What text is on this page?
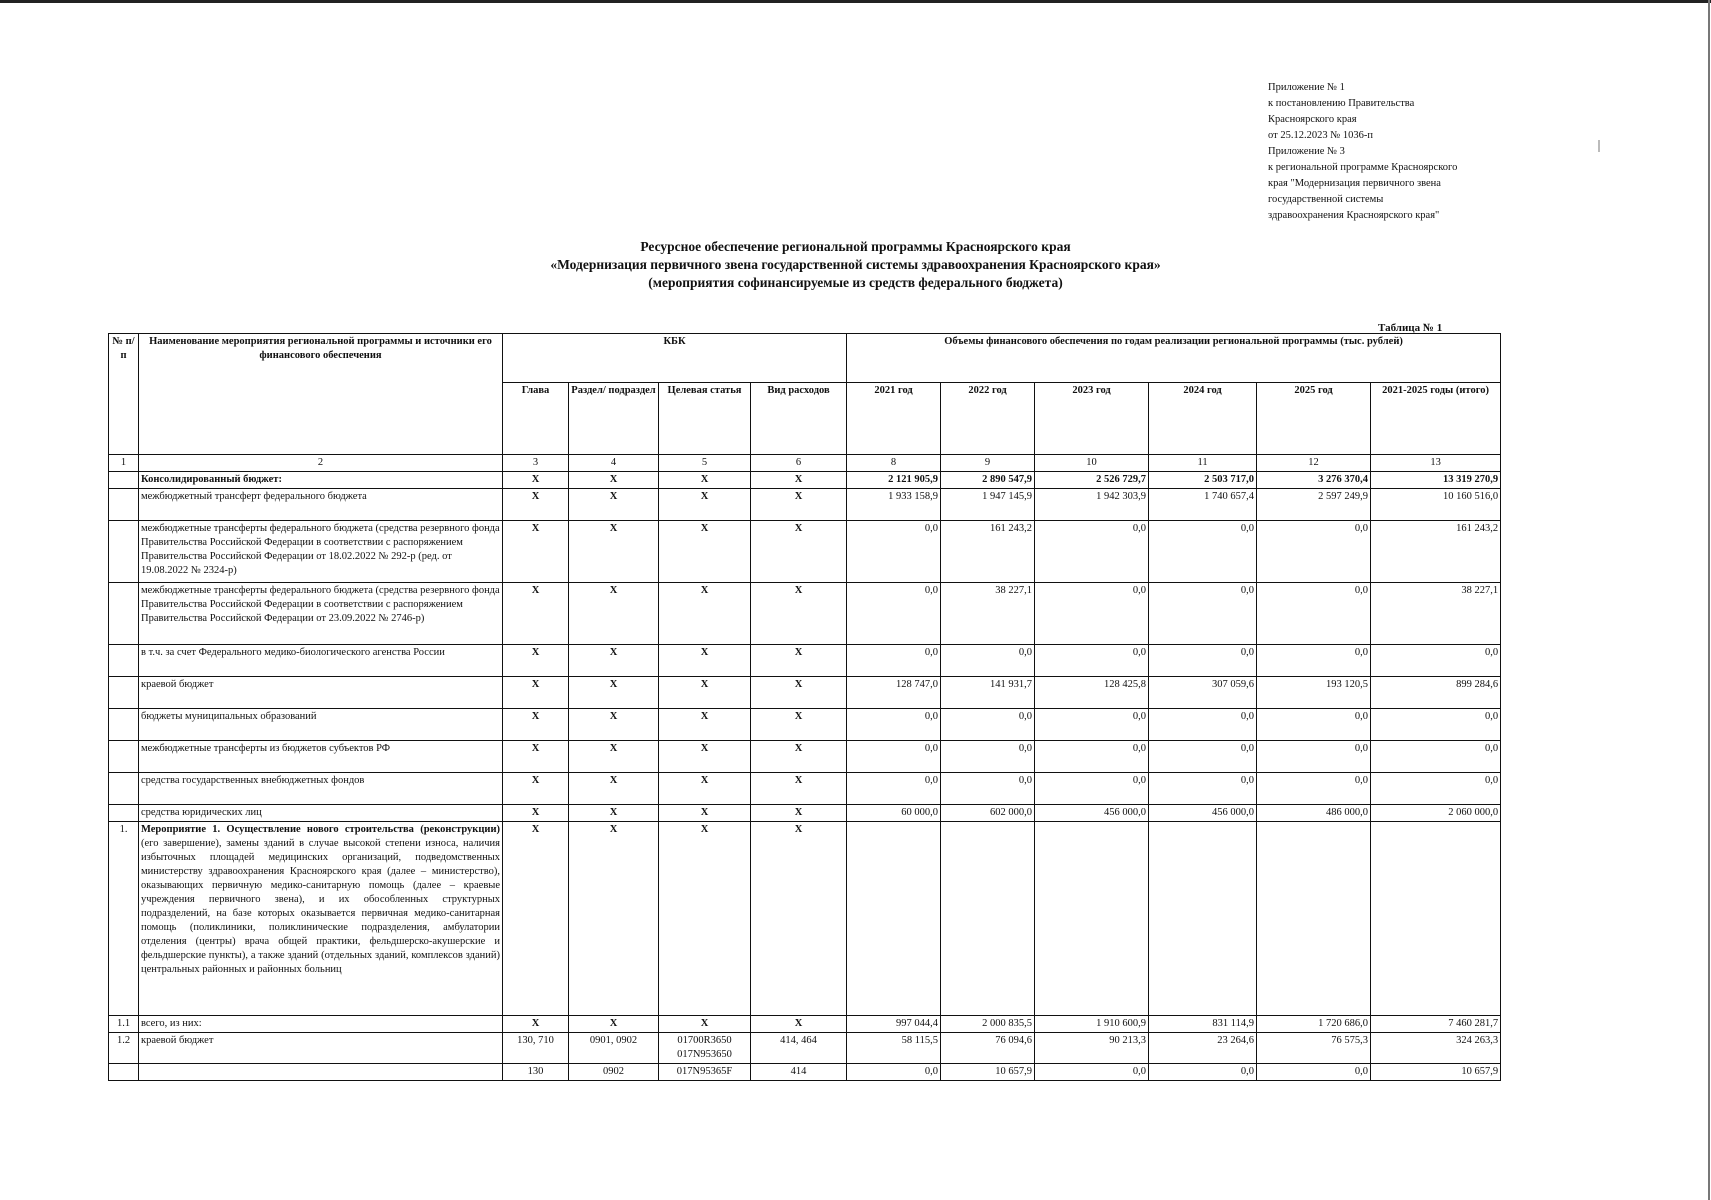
Приложение № 1
к постановлению Правительства
Красноярского края
от 25.12.2023 № 1036-п
Приложение № 3
к региональной программе Красноярского
края "Модернизация первичного звена
государственной системы
здравоохранения Красноярского края"
Ресурсное обеспечение региональной программы Красноярского края
«Модернизация первичного звена государственной системы здравоохранения Красноярского края»
(мероприятия софинансируемые из средств федерального бюджета)
Таблица № 1
№ п/п	Наименование мероприятия региональной программы и источники его финансового обеспечения	КБК				Объемы финансового обеспечения по годам реализации региональной программы (тыс. рублей)					
		Глава	Раздел/ подраздел	Целевая статья	Вид расходов	2021 год	2022 год	2023 год	2024 год	2025 год	2021-2025 годы (итого)
1	2	3	4	5	6	8	9	10	11	12	13
	Консолидированный бюджет:	X	X	X	X	2 121 905,9	2 890 547,9	2 526 729,7	2 503 717,0	3 276 370,4	13 319 270,9
	межбюджетный трансферт федерального бюджета	X	X	X	X	1 933 158,9	1 947 145,9	1 942 303,9	1 740 657,4	2 597 249,9	10 160 516,0
	межбюджетные трансферты федерального бюджета (средства резервного фонда Правительства Российской Федерации в соответствии с распоряжением Правительства Российской Федерации от 18.02.2022 № 292-р (ред. от 19.08.2022 № 2324-р)	X	X	X	X	0,0	161 243,2	0,0	0,0	0,0	161 243,2
	межбюджетные трансферты федерального бюджета (средства резервного фонда Правительства Российской Федерации в соответствии с распоряжением Правительства Российской Федерации от 23.09.2022 № 2746-р)	X	X	X	X	0,0	38 227,1	0,0	0,0	0,0	38 227,1
	в т.ч. за счет Федерального медико-биологического агенства России	X	X	X	X	0,0	0,0	0,0	0,0	0,0	0,0
	краевой бюджет	X	X	X	X	128 747,0	141 931,7	128 425,8	307 059,6	193 120,5	899 284,6
	бюджеты муниципальных образований	X	X	X	X	0,0	0,0	0,0	0,0	0,0	0,0
	межбюджетные трансферты из бюджетов субъектов РФ	X	X	X	X	0,0	0,0	0,0	0,0	0,0	0,0
	средства государственных внебюджетных фондов	X	X	X	X	0,0	0,0	0,0	0,0	0,0	0,0
	средства юридических лиц	X	X	X	X	60 000,0	602 000,0	456 000,0	456 000,0	486 000,0	2 060 000,0
1.	Мероприятие 1. Осуществление нового строительства (реконструкции) (его завершение), замены зданий в случае высокой степени износа, наличия избыточных площадей медицинских организаций, подведомственных министерству здравоохранения Красноярского края (далее – министерство), оказывающих первичную медико-санитарную помощь (далее – краевые учреждения первичного звена), и их обособленных структурных подразделений, на базе которых оказывается первичная медико-санитарная помощь (поликлиники, поликлинические подразделения, амбулатории отделения (центры) врача общей практики, фельдшерско-акушерские и фельдшерские пункты), а также зданий (отдельных зданий, комплексов зданий) центральных районных и районных больниц	X	X	X	X						
1.1	всего, из них:	X	X	X	X	997 044,4	2 000 835,5	1 910 600,9	831 114,9	1 720 686,0	7 460 281,7
1.2	краевой бюджет	130, 710	0901, 0902	01700R3650 017N953650	414, 464	58 115,5	76 094,6	90 213,3	23 264,6	76 575,3	324 263,3
		130	0902	017N95365F	414	0,0	10 657,9	0,0	0,0	0,0	10 657,9
